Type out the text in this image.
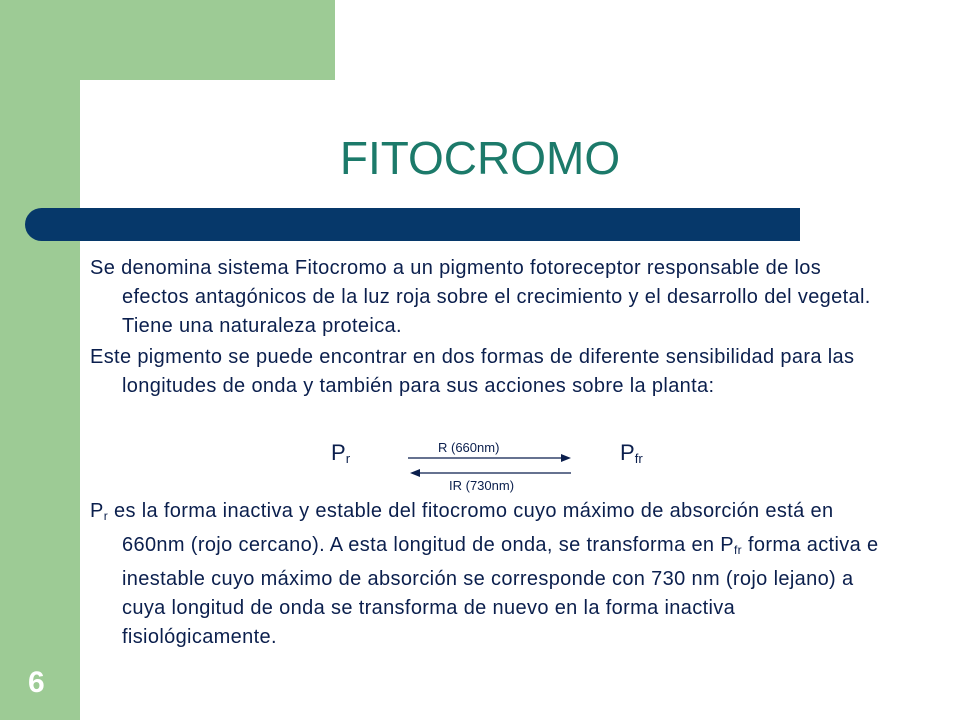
FITOCROMO

Se denomina sistema Fitocromo a un pigmento fotoreceptor responsable de los efectos antagónicos de la luz roja sobre el crecimiento y el desarrollo del vegetal. Tiene una naturaleza proteica.

Este pigmento se puede encontrar en dos formas de diferente sensibilidad para las longitudes de onda y también para sus acciones sobre la planta:

$P_r$	$P_{fr}$
R (660nm)
IR (730nm)

$P_r$ es la forma inactiva y estable del fitocromo cuyo máximo de absorción está en 660nm (rojo cercano). A esta longitud de onda, se transforma en $P_{fr}$ forma activa e inestable cuyo máximo de absorción se corresponde con 730 nm (rojo lejano) a cuya longitud de onda se transforma de nuevo en la forma inactiva fisiológicamente.

6
